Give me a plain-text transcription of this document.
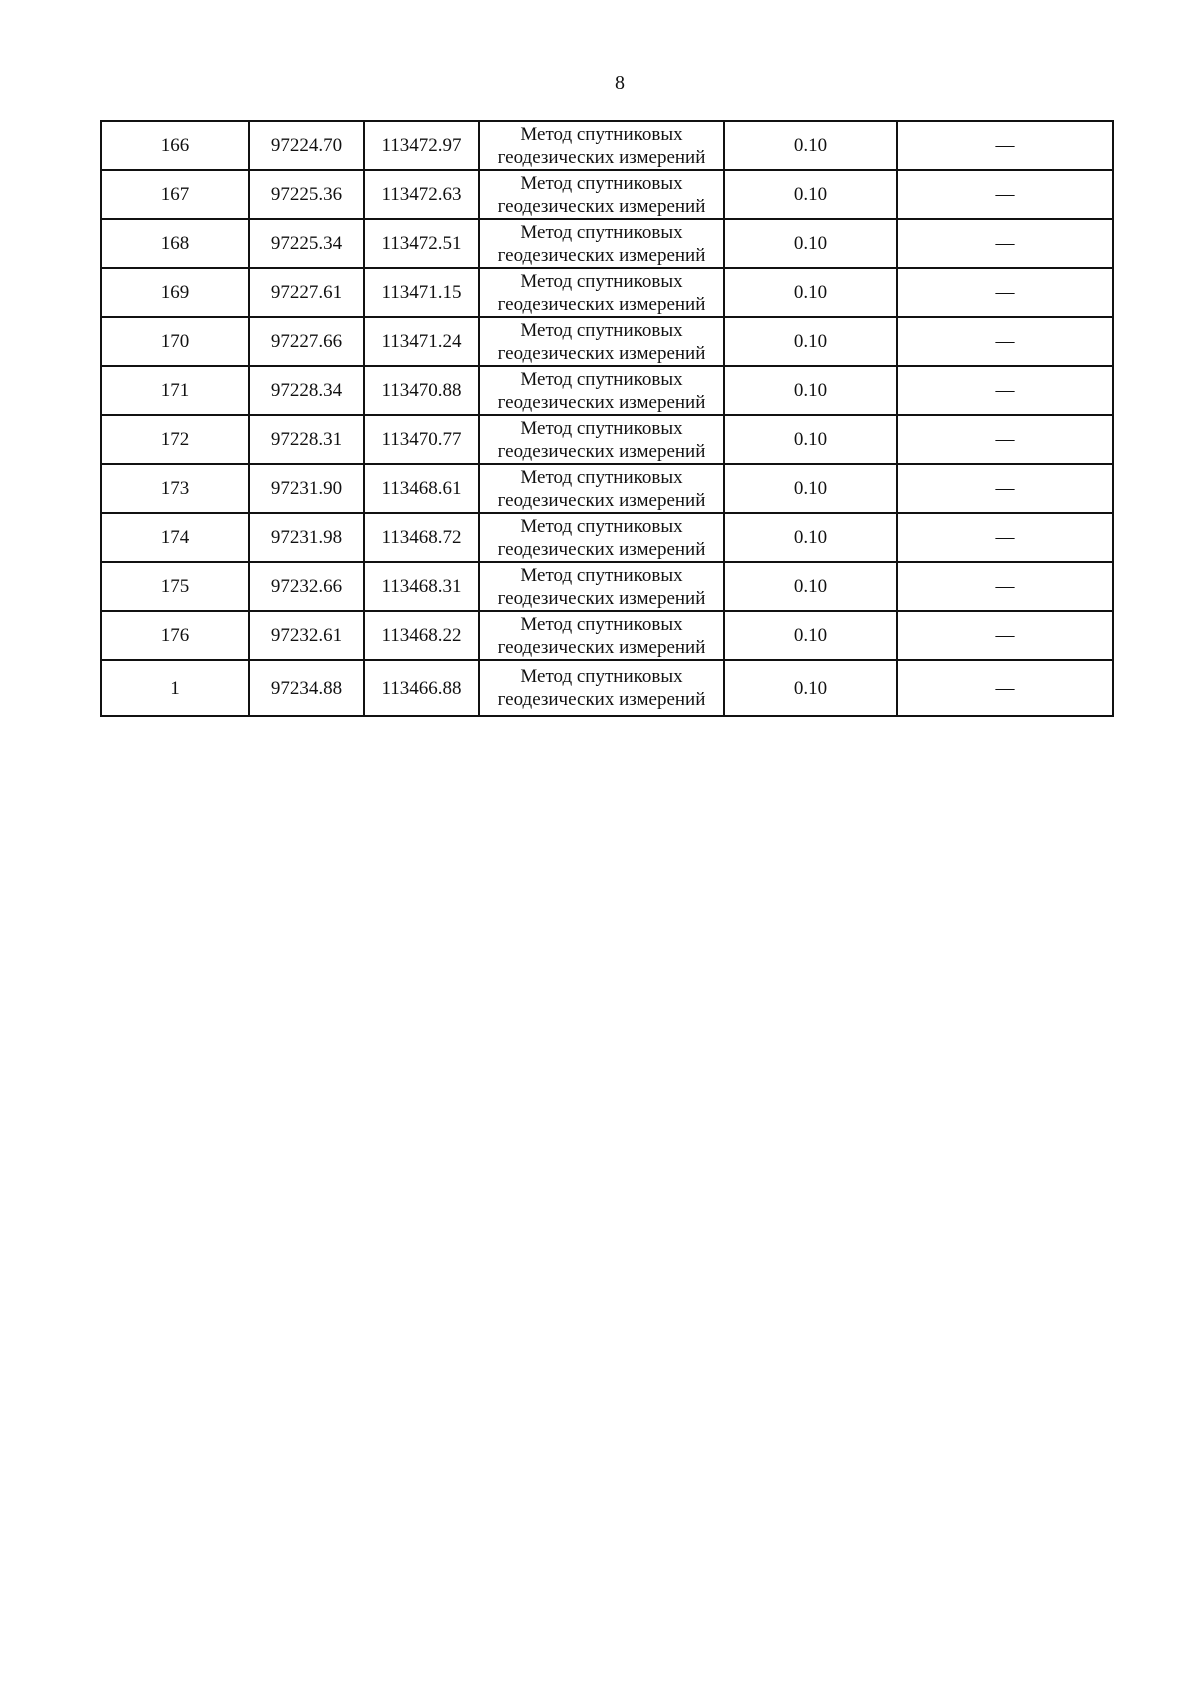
8
166	97224.70	113472.97	Метод спутниковых
геодезических измерений	0.10	—
167	97225.36	113472.63	Метод спутниковых
геодезических измерений	0.10	—
168	97225.34	113472.51	Метод спутниковых
геодезических измерений	0.10	—
169	97227.61	113471.15	Метод спутниковых
геодезических измерений	0.10	—
170	97227.66	113471.24	Метод спутниковых
геодезических измерений	0.10	—
171	97228.34	113470.88	Метод спутниковых
геодезических измерений	0.10	—
172	97228.31	113470.77	Метод спутниковых
геодезических измерений	0.10	—
173	97231.90	113468.61	Метод спутниковых
геодезических измерений	0.10	—
174	97231.98	113468.72	Метод спутниковых
геодезических измерений	0.10	—
175	97232.66	113468.31	Метод спутниковых
геодезических измерений	0.10	—
176	97232.61	113468.22	Метод спутниковых
геодезических измерений	0.10	—
1	97234.88	113466.88	Метод спутниковых
геодезических измерений	0.10	—
